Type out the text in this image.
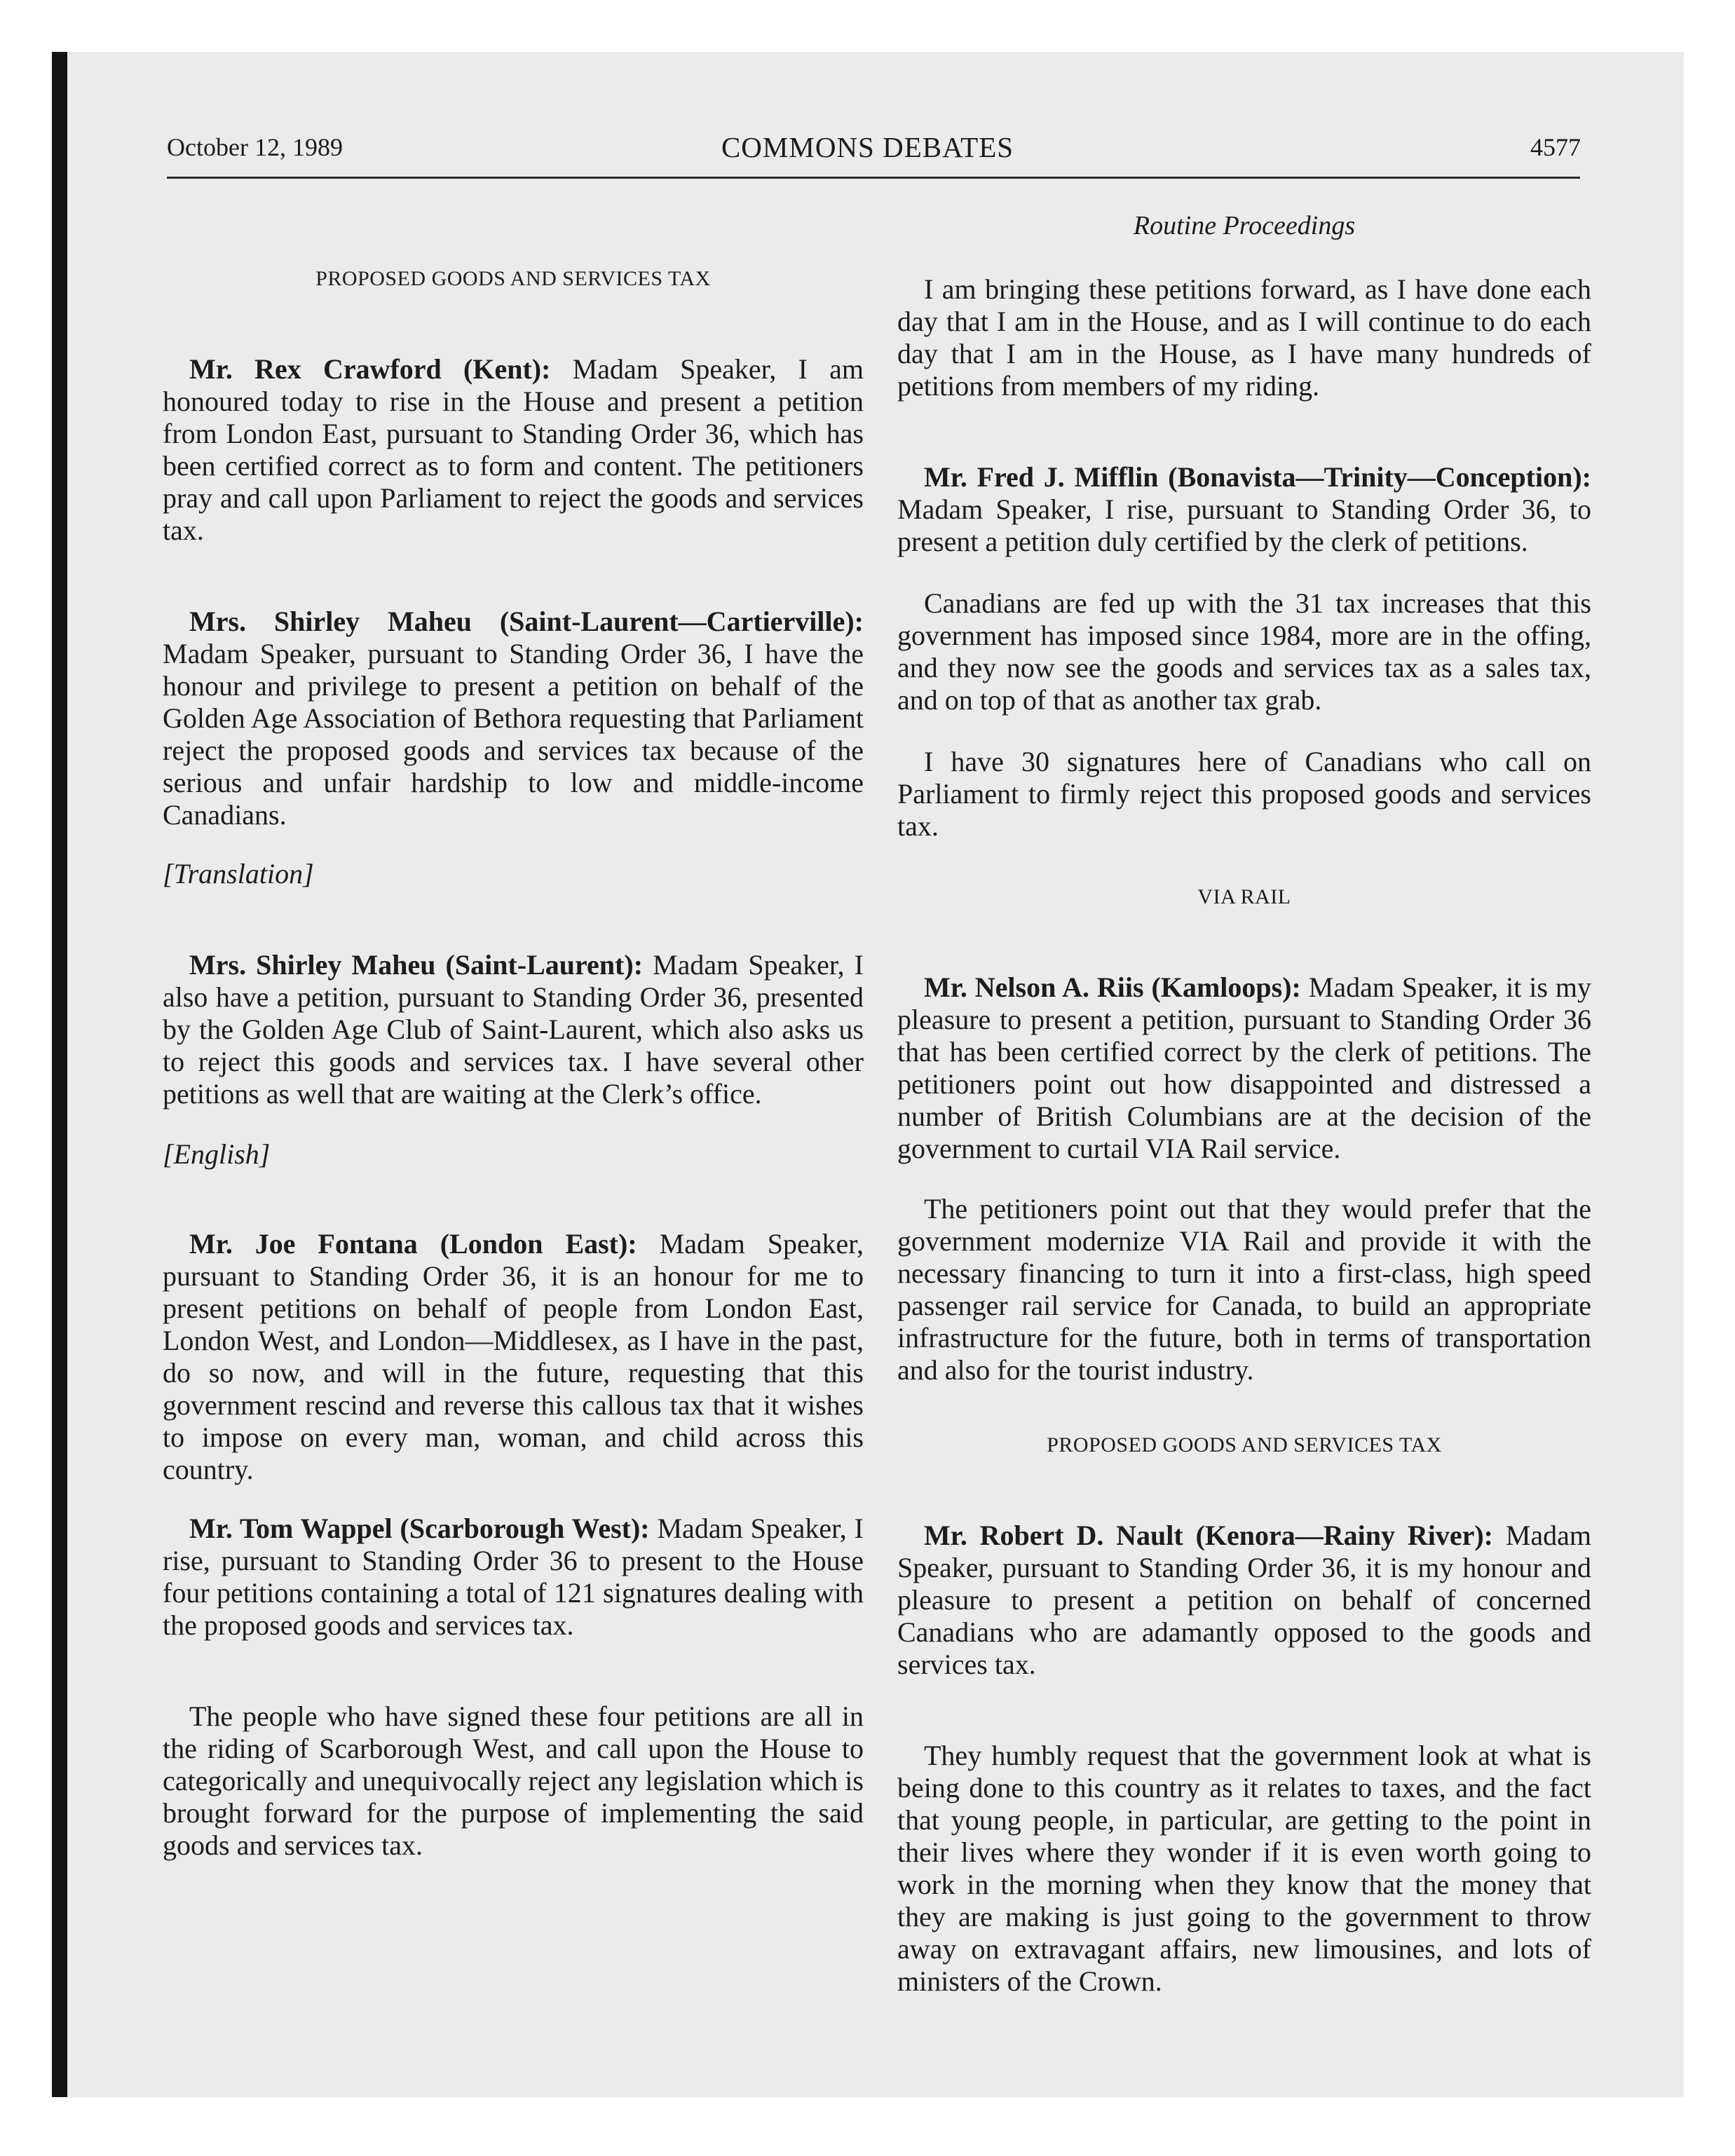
October 12, 1989	COMMONS DEBATES	4577

PROPOSED GOODS AND SERVICES TAX

Mr. Rex Crawford (Kent): Madam Speaker, I am honoured today to rise in the House and present a petition from London East, pursuant to Standing Order 36, which has been certified correct as to form and content. The petitioners pray and call upon Parliament to reject the goods and services tax.

Mrs. Shirley Maheu (Saint-Laurent—Cartierville): Madam Speaker, pursuant to Standing Order 36, I have the honour and privilege to present a petition on behalf of the Golden Age Association of Bethora requesting that Parliament reject the proposed goods and services tax because of the serious and unfair hardship to low and middle-income Canadians.

[Translation]

Mrs. Shirley Maheu (Saint-Laurent): Madam Speaker, I also have a petition, pursuant to Standing Order 36, presented by the Golden Age Club of Saint-Laurent, which also asks us to reject this goods and services tax. I have several other petitions as well that are waiting at the Clerk’s office.

[English]

Mr. Joe Fontana (London East): Madam Speaker, pursuant to Standing Order 36, it is an honour for me to present petitions on behalf of people from London East, London West, and London—Middlesex, as I have in the past, do so now, and will in the future, requesting that this government rescind and reverse this callous tax that it wishes to impose on every man, woman, and child across this country.

Mr. Tom Wappel (Scarborough West): Madam Speaker, I rise, pursuant to Standing Order 36 to present to the House four petitions containing a total of 121 signatures dealing with the proposed goods and services tax.

The people who have signed these four petitions are all in the riding of Scarborough West, and call upon the House to categorically and unequivocally reject any legislation which is brought forward for the purpose of implementing the said goods and services tax.

Routine Proceedings

I am bringing these petitions forward, as I have done each day that I am in the House, and as I will continue to do each day that I am in the House, as I have many hundreds of petitions from members of my riding.

Mr. Fred J. Mifflin (Bonavista—Trinity—Conception): Madam Speaker, I rise, pursuant to Standing Order 36, to present a petition duly certified by the clerk of petitions.

Canadians are fed up with the 31 tax increases that this government has imposed since 1984, more are in the offing, and they now see the goods and services tax as a sales tax, and on top of that as another tax grab.

I have 30 signatures here of Canadians who call on Parliament to firmly reject this proposed goods and services tax.

VIA RAIL

Mr. Nelson A. Riis (Kamloops): Madam Speaker, it is my pleasure to present a petition, pursuant to Standing Order 36 that has been certified correct by the clerk of petitions. The petitioners point out how disappointed and distressed a number of British Columbians are at the decision of the government to curtail VIA Rail service.

The petitioners point out that they would prefer that the government modernize VIA Rail and provide it with the necessary financing to turn it into a first-class, high speed passenger rail service for Canada, to build an appropriate infrastructure for the future, both in terms of transportation and also for the tourist industry.

PROPOSED GOODS AND SERVICES TAX

Mr. Robert D. Nault (Kenora—Rainy River): Madam Speaker, pursuant to Standing Order 36, it is my honour and pleasure to present a petition on behalf of concerned Canadians who are adamantly opposed to the goods and services tax.

They humbly request that the government look at what is being done to this country as it relates to taxes, and the fact that young people, in particular, are getting to the point in their lives where they wonder if it is even worth going to work in the morning when they know that the money that they are making is just going to the government to throw away on extravagant affairs, new limousines, and lots of ministers of the Crown.
